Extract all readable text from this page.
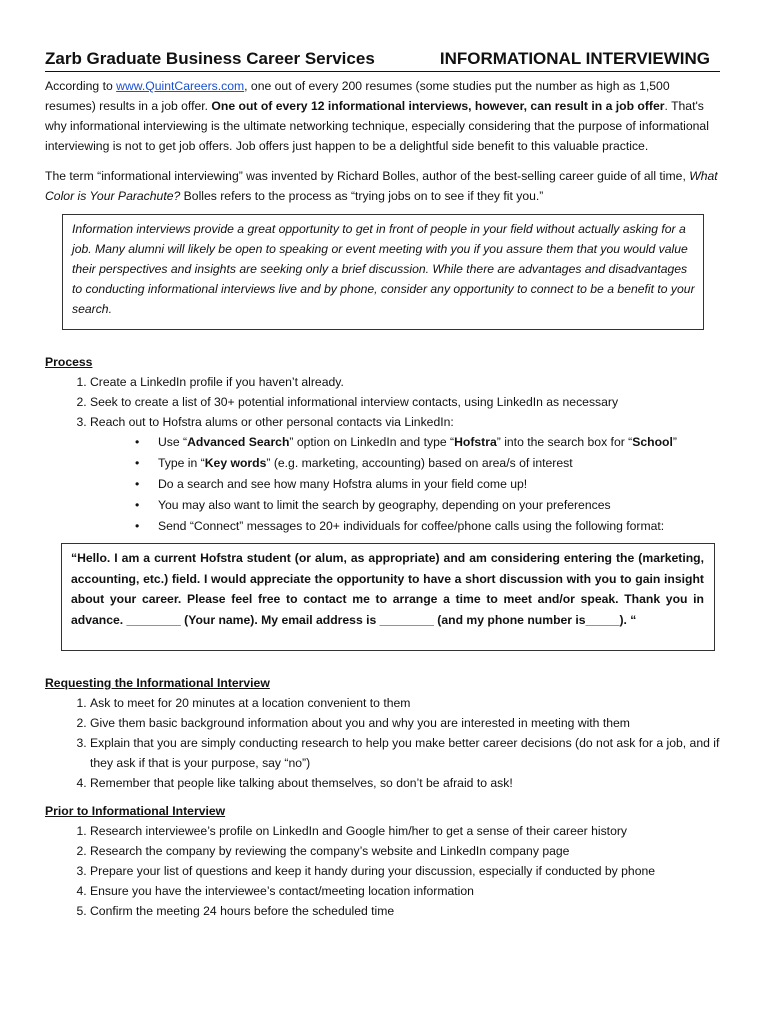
Zarb Graduate Business Career Services	INFORMATIONAL INTERVIEWING

According to www.QuintCareers.com, one out of every 200 resumes (some studies put the number as high as 1,500 resumes) results in a job offer. One out of every 12 informational interviews, however, can result in a job offer. That's why informational interviewing is the ultimate networking technique, especially considering that the purpose of informational interviewing is not to get job offers. Job offers just happen to be a delightful side benefit to this valuable practice.

The term “informational interviewing” was invented by Richard Bolles, author of the best-selling career guide of all time, What Color is Your Parachute? Bolles refers to the process as “trying jobs on to see if they fit you.”

Information interviews provide a great opportunity to get in front of people in your field without actually asking for a job. Many alumni will likely be open to speaking or event meeting with you if you assure them that you would value their perspectives and insights are seeking only a brief discussion. While there are advantages and disadvantages to conducting informational interviews live and by phone, consider any opportunity to connect to be a benefit to your search.

Process
1. Create a LinkedIn profile if you haven’t already.
2. Seek to create a list of 30+ potential informational interview contacts, using LinkedIn as necessary
3. Reach out to Hofstra alums or other personal contacts via LinkedIn:
• Use “Advanced Search” option on LinkedIn and type “Hofstra” into the search box for “School”
• Type in “Key words” (e.g. marketing, accounting) based on area/s of interest
• Do a search and see how many Hofstra alums in your field come up!
• You may also want to limit the search by geography, depending on your preferences
• Send “Connect” messages to 20+ individuals for coffee/phone calls using the following format:

“Hello. I am a current Hofstra student (or alum, as appropriate) and am considering entering the (marketing, accounting, etc.) field. I would appreciate the opportunity to have a short discussion with you to gain insight about your career. Please feel free to contact me to arrange a time to meet and/or speak. Thank you in advance. ________ (Your name). My email address is ________ (and my phone number is_____). “

Requesting the Informational Interview
1. Ask to meet for 20 minutes at a location convenient to them
2. Give them basic background information about you and why you are interested in meeting with them
3. Explain that you are simply conducting research to help you make better career decisions (do not ask for a job, and if they ask if that is your purpose, say “no”)
4. Remember that people like talking about themselves, so don’t be afraid to ask!
Prior to Informational Interview
1. Research interviewee’s profile on LinkedIn and Google him/her to get a sense of their career history
2. Research the company by reviewing the company’s website and LinkedIn company page
3. Prepare your list of questions and keep it handy during your discussion, especially if conducted by phone
4. Ensure you have the interviewee’s contact/meeting location information
5. Confirm the meeting 24 hours before the scheduled time
